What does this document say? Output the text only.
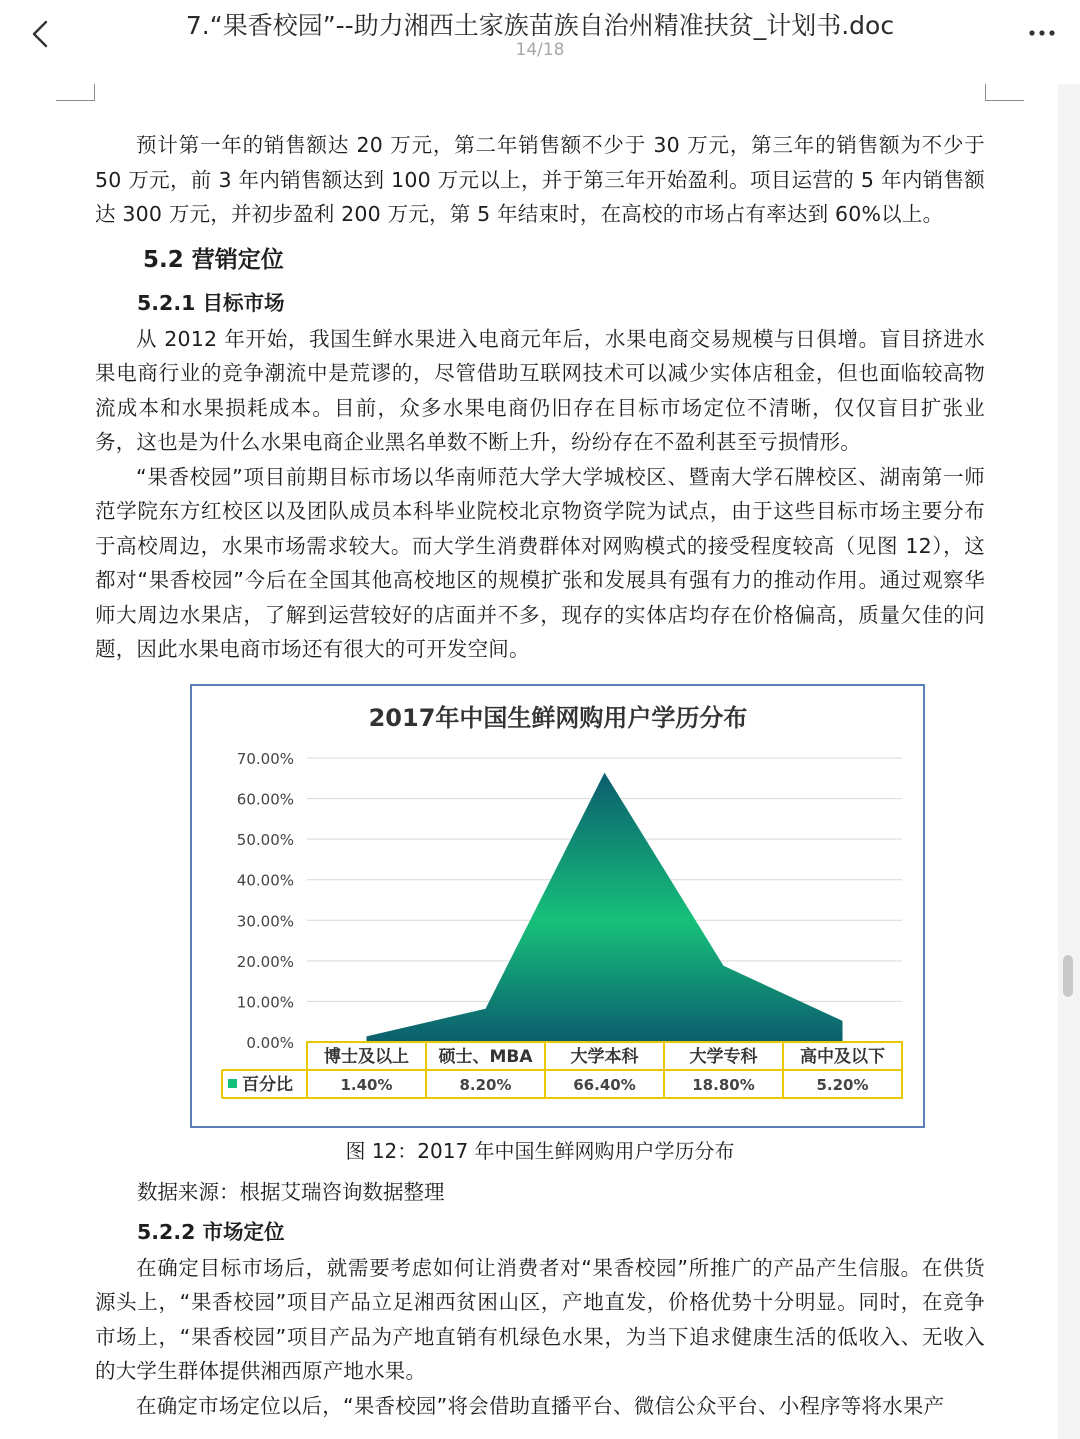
7.“果香校园”--助力湘西土家族苗族自治州精准扶贫_计划书.doc
14/18

预计第一年的销售额达 20 万元，第二年销售额不少于 30 万元，第三年的销售额为不少于 50 万元，前 3 年内销售额达到 100 万元以上，并于第三年开始盈利。项目运营的 5 年内销售额达 300 万元，并初步盈利 200 万元，第 5 年结束时，在高校的市场占有率达到 60%以上。

5.2 营销定位
5.2.1 目标市场

从 2012 年开始，我国生鲜水果进入电商元年后，水果电商交易规模与日俱增。盲目挤进水果电商行业的竞争潮流中是荒谬的，尽管借助互联网技术可以减少实体店租金，但也面临较高物流成本和水果损耗成本。目前，众多水果电商仍旧存在目标市场定位不清晰，仅仅盲目扩张业务，这也是为什么水果电商企业黑名单数不断上升，纷纷存在不盈利甚至亏损情形。

“果香校园”项目前期目标市场以华南师范大学大学城校区、暨南大学石牌校区、湖南第一师范学院东方红校区以及团队成员本科毕业院校北京物资学院为试点，由于这些目标市场主要分布于高校周边，水果市场需求较大。而大学生消费群体对网购模式的接受程度较高（见图 12），这都对“果香校园”今后在全国其他高校地区的规模扩张和发展具有强有力的推动作用。通过观察华师大周边水果店，了解到运营较好的店面并不多，现存的实体店均存在价格偏高，质量欠佳的问题，因此水果电商市场还有很大的可开发空间。

2017年中国生鲜网购用户学历分布
0.00%
10.00%
20.00%
30.00%
40.00%
50.00%
60.00%
70.00%
博士及以上 硕士、MBA 大学本科	大学专科	高中及以下
百分比	1.40%	8.20%	66.40%	18.80%	5.20%
图 12：2017 年中国生鲜网购用户学历分布
数据来源：根据艾瑞咨询数据整理
5.2.2 市场定位

在确定目标市场后，就需要考虑如何让消费者对“果香校园”所推广的产品产生信服。在供货源头上，“果香校园”项目产品立足湘西贫困山区，产地直发，价格优势十分明显。同时，在竞争市场上，“果香校园”项目产品为产地直销有机绿色水果，为当下追求健康生活的低收入、无收入的大学生群体提供湘西原产地水果。

在确定市场定位以后，“果香校园”将会借助直播平台、微信公众平台、小程序等将水果产
